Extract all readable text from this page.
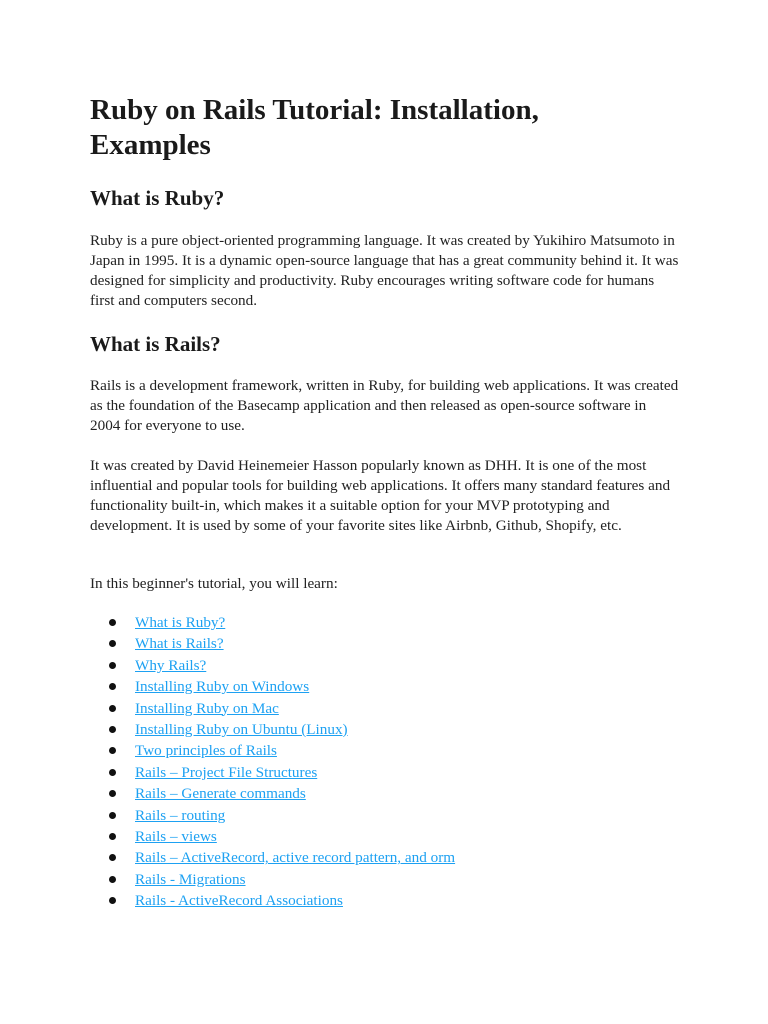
Ruby on Rails Tutorial: Installation, Examples
What is Ruby?

Ruby is a pure object-oriented programming language. It was created by Yukihiro Matsumoto in Japan in 1995. It is a dynamic open-source language that has a great community behind it. It was designed for simplicity and productivity. Ruby encourages writing software code for humans first and computers second.

What is Rails?

Rails is a development framework, written in Ruby, for building web applications. It was created as the foundation of the Basecamp application and then released as open-source software in 2004 for everyone to use.

It was created by David Heinemeier Hasson popularly known as DHH. It is one of the most influential and popular tools for building web applications. It offers many standard features and functionality built-in, which makes it a suitable option for your MVP prototyping and development. It is used by some of your favorite sites like Airbnb, Github, Shopify, etc.

In this beginner's tutorial, you will learn:

What is Ruby?
What is Rails?
Why Rails?
Installing Ruby on Windows
Installing Ruby on Mac
Installing Ruby on Ubuntu (Linux)
Two principles of Rails
Rails – Project File Structures
Rails – Generate commands
Rails – routing
Rails – views
Rails – ActiveRecord, active record pattern, and orm
Rails - Migrations
Rails - ActiveRecord Associations
